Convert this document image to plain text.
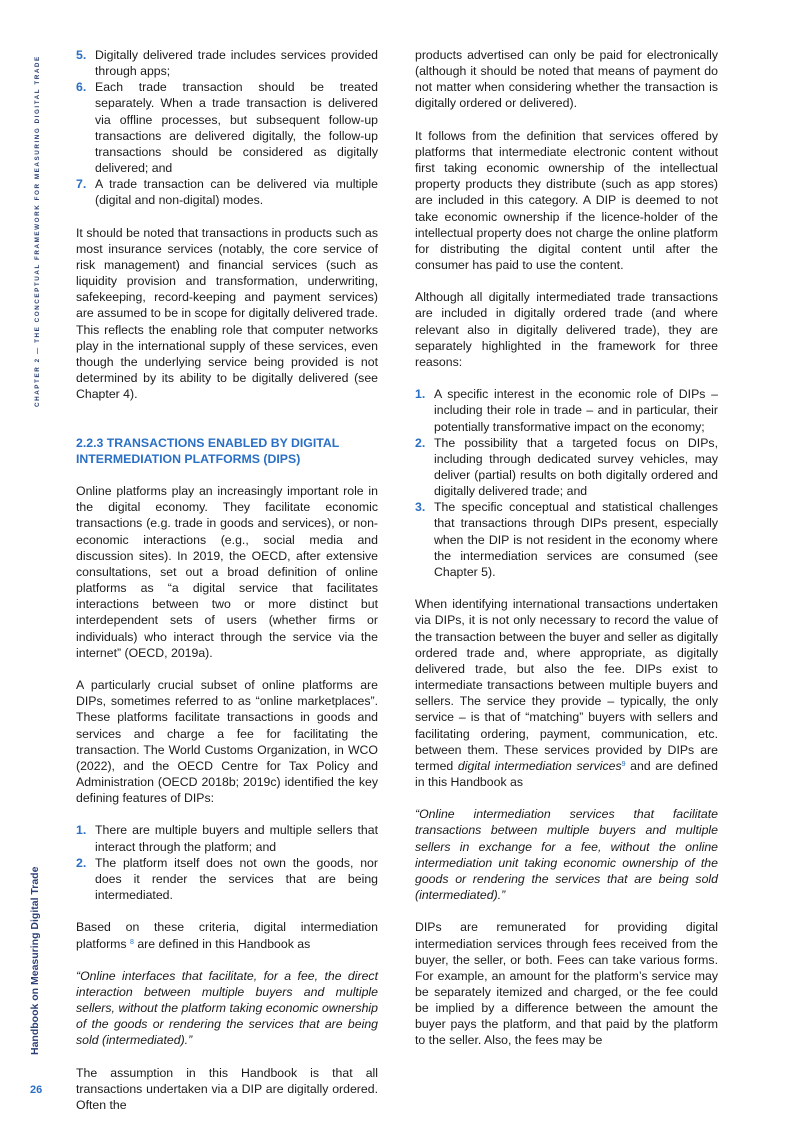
CHAPTER 2 — THE CONCEPTUAL FRAMEWORK FOR MEASURING DIGITAL TRADE
Handbook on Measuring Digital Trade
26
5. Digitally delivered trade includes services provided through apps;
6. Each trade transaction should be treated separately. When a trade transaction is delivered via offline processes, but subsequent follow-up transactions are delivered digitally, the follow-up transactions should be considered as digitally delivered; and
7. A trade transaction can be delivered via multiple (digital and non-digital) modes.

It should be noted that transactions in products such as most insurance services (notably, the core service of risk management) and financial services (such as liquidity provision and transformation, underwriting, safekeeping, record-keeping and payment services) are assumed to be in scope for digitally delivered trade. This reflects the enabling role that computer networks play in the international supply of these services, even though the underlying service being provided is not determined by its ability to be digitally delivered (see Chapter 4).

2.2.3 TRANSACTIONS ENABLED BY DIGITAL INTERMEDIATION PLATFORMS (DIPS)

Online platforms play an increasingly important role in the digital economy. They facilitate economic transactions (e.g. trade in goods and services), or non-economic interactions (e.g., social media and discussion sites). In 2019, the OECD, after extensive consultations, set out a broad definition of online platforms as “a digital service that facilitates interactions between two or more distinct but interdependent sets of users (whether firms or individuals) who interact through the service via the internet” (OECD, 2019a).

A particularly crucial subset of online platforms are DIPs, sometimes referred to as “online marketplaces”. These platforms facilitate transactions in goods and services and charge a fee for facilitating the transaction. The World Customs Organization, in WCO (2022), and the OECD Centre for Tax Policy and Administration (OECD 2018b; 2019c) identified the key defining features of DIPs:

1. There are multiple buyers and multiple sellers that interact through the platform; and
2. The platform itself does not own the goods, nor does it render the services that are being intermediated.

Based on these criteria, digital intermediation platforms $^8$ are defined in this Handbook as

“Online interfaces that facilitate, for a fee, the direct interaction between multiple buyers and multiple sellers, without the platform taking economic ownership of the goods or rendering the services that are being sold (intermediated).”

The assumption in this Handbook is that all transactions undertaken via a DIP are digitally ordered. Often the

products advertised can only be paid for electronically (although it should be noted that means of payment do not matter when considering whether the transaction is digitally ordered or delivered).

It follows from the definition that services offered by platforms that intermediate electronic content without first taking economic ownership of the intellectual property products they distribute (such as app stores) are included in this category. A DIP is deemed to not take economic ownership if the licence-holder of the intellectual property does not charge the online platform for distributing the digital content until after the consumer has paid to use the content.

Although all digitally intermediated trade transactions are included in digitally ordered trade (and where relevant also in digitally delivered trade), they are separately highlighted in the framework for three reasons:

1. A specific interest in the economic role of DIPs – including their role in trade – and in particular, their potentially transformative impact on the economy;
2. The possibility that a targeted focus on DIPs, including through dedicated survey vehicles, may deliver (partial) results on both digitally ordered and digitally delivered trade; and
3. The specific conceptual and statistical challenges that transactions through DIPs present, especially when the DIP is not resident in the economy where the intermediation services are consumed (see Chapter 5).

When identifying international transactions undertaken via DIPs, it is not only necessary to record the value of the transaction between the buyer and seller as digitally ordered trade and, where appropriate, as digitally delivered trade, but also the fee. DIPs exist to intermediate transactions between multiple buyers and sellers. The service they provide – typically, the only service – is that of “matching” buyers with sellers and facilitating ordering, payment, communication, etc. between them. These services provided by DIPs are termed digital intermediation services$^9$ and are defined in this Handbook as

“Online intermediation services that facilitate transactions between multiple buyers and multiple sellers in exchange for a fee, without the online intermediation unit taking economic ownership of the goods or rendering the services that are being sold (intermediated).”

DIPs are remunerated for providing digital intermediation services through fees received from the buyer, the seller, or both. Fees can take various forms. For example, an amount for the platform’s service may be separately itemized and charged, or the fee could be implied by a difference between the amount the buyer pays the platform, and that paid by the platform to the seller. Also, the fees may be
